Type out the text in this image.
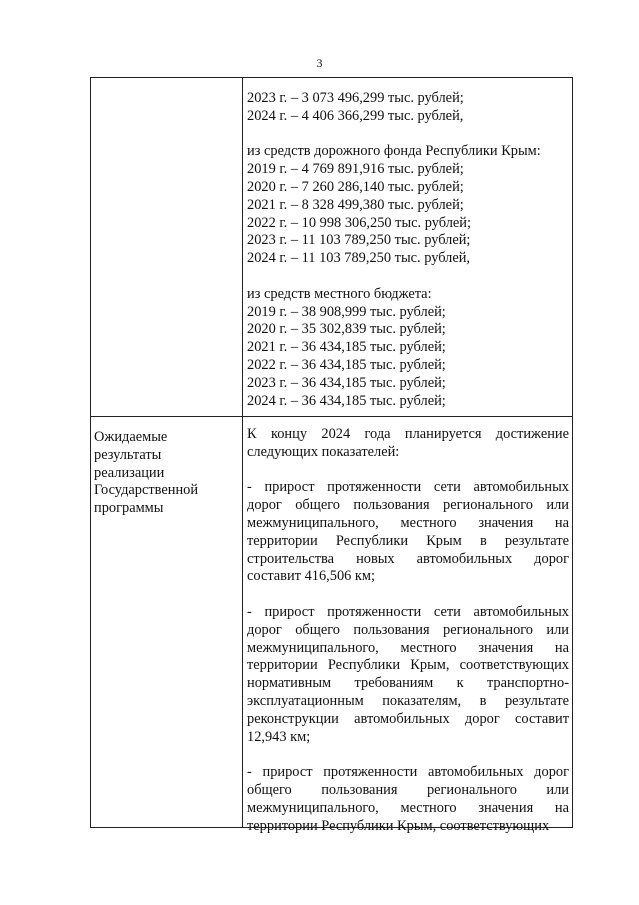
3
2023 г. – 3 073 496,299 тыс. рублей;
2024 г. – 4 406 366,299 тыс. рублей,
из средств дорожного фонда Республики Крым:
2019 г. – 4 769 891,916 тыс. рублей;
2020 г. – 7 260 286,140 тыс. рублей;
2021 г. – 8 328 499,380 тыс. рублей;
2022 г. – 10 998 306,250 тыс. рублей;
2023 г. – 11 103 789,250 тыс. рублей;
2024 г. – 11 103 789,250 тыс. рублей,
из средств местного бюджета:
2019 г. – 38 908,999 тыс. рублей;
2020 г. – 35 302,839 тыс. рублей;
2021 г. – 36 434,185 тыс. рублей;
2022 г. – 36 434,185 тыс. рублей;
2023 г. – 36 434,185 тыс. рублей;
2024 г. – 36 434,185 тыс. рублей;
Ожидаемые
результаты
реализации
Государственной
программы
К концу 2024 года планируется достижение следующих показателей:
- прирост протяженности сети автомобильных дорог общего пользования регионального или межмуниципального, местного значения на территории Республики Крым в результате строительства новых автомобильных дорог составит 416,506 км;
- прирост протяженности сети автомобильных дорог общего пользования регионального или межмуниципального, местного значения на территории Республики Крым, соответствующих нормативным требованиям к транспортно-эксплуатационным показателям, в результате реконструкции автомобильных дорог составит 12,943 км;
- прирост протяженности автомобильных дорог общего пользования регионального или межмуниципального, местного значения на территории Республики Крым, соответствующих
